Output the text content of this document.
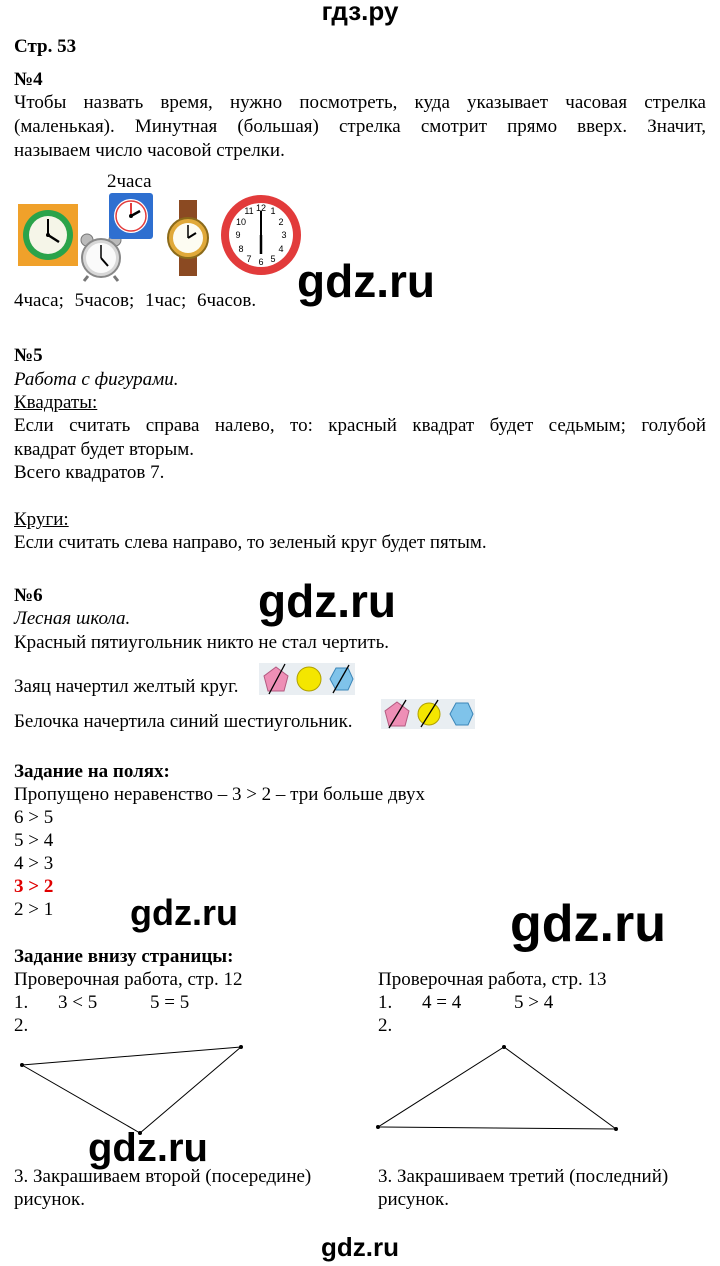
гдз.ру
Стр. 53
№4
Чтобы назвать время, нужно посмотреть, куда указывает часовая стрелка
(маленькая). Минутная (большая) стрелка смотрит прямо вверх. Значит,
называем число часовой стрелки.
2часа
12
3
6
9
1
2
4
5
7
8
10
11
4часа; 5часов; 1час; 6часов.
№5
Работа с фигурами.
Квадраты:
Если считать справа налево, то: красный квадрат будет седьмым; голубой
квадрат будет вторым.
Всего квадратов 7.
Круги:
Если считать слева направо, то зеленый круг будет пятым.
№6
Лесная школа.
Красный пятиугольник никто не стал чертить.
Заяц начертил желтый круг.
Белочка начертила синий шестиугольник.
Задание на полях:
Пропущено неравенство – 3 > 2 – три больше двух
6 > 5
5 > 4
4 > 3
3 > 2
2 > 1
Задание внизу страницы:
Проверочная работа, стр. 12
1. 3 < 5	5 = 5
2.
3. Закрашиваем второй (посередине)
рисунок.
Проверочная работа, стр. 13
1. 4 = 4	5 > 4
2.
3. Закрашиваем третий (последний)
рисунок.
gdz.ru
gdz.ru
gdz.ru	gdz.ru
gdz.ru
gdz.ru
